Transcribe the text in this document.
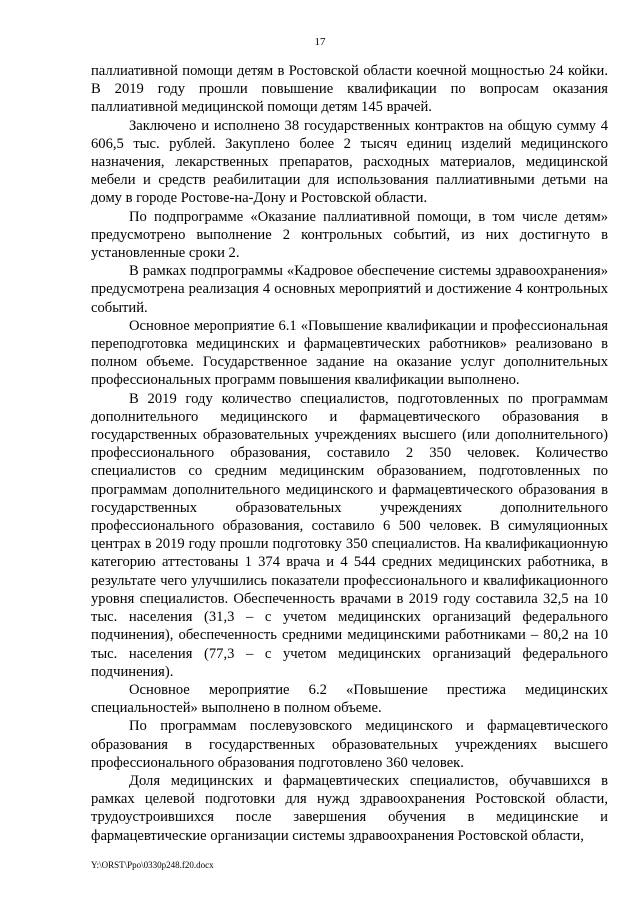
17

паллиативной помощи детям в Ростовской области коечной мощностью 24 койки. В 2019 году прошли повышение квалификации по вопросам оказания паллиативной медицинской помощи детям 145 врачей.

Заключено и исполнено 38 государственных контрактов на общую сумму 4 606,5 тыс. рублей. Закуплено более 2 тысяч единиц изделий медицинского назначения, лекарственных препаратов, расходных материалов, медицинской мебели и средств реабилитации для использования паллиативными детьми на дому в городе Ростове-на-Дону и Ростовской области.

По подпрограмме «Оказание паллиативной помощи, в том числе детям» предусмотрено выполнение 2 контрольных событий, из них достигнуто в установленные сроки 2.

В рамках подпрограммы «Кадровое обеспечение системы здравоохранения» предусмотрена реализация 4 основных мероприятий и достижение 4 контрольных событий.

Основное мероприятие 6.1 «Повышение квалификации и профессиональная переподготовка медицинских и фармацевтических работников» реализовано в полном объеме. Государственное задание на оказание услуг дополнительных профессиональных программ повышения квалификации выполнено.

В 2019 году количество специалистов, подготовленных по программам дополнительного медицинского и фармацевтического образования в государственных образовательных учреждениях высшего (или дополнительного) профессионального образования, составило 2 350 человек. Количество специалистов со средним медицинским образованием, подготовленных по программам дополнительного медицинского и фармацевтического образования в государственных образовательных учреждениях дополнительного профессионального образования, составило 6 500 человек. В симуляционных центрах в 2019 году прошли подготовку 350 специалистов. На квалификационную категорию аттестованы 1 374 врача и 4 544 средних медицинских работника, в результате чего улучшились показатели профессионального и квалификационного уровня специалистов. Обеспеченность врачами в 2019 году составила 32,5 на 10 тыс. населения (31,3 – с учетом медицинских организаций федерального подчинения), обеспеченность средними медицинскими работниками – 80,2 на 10 тыс. населения (77,3 – с учетом медицинских организаций федерального подчинения).

Основное мероприятие 6.2 «Повышение престижа медицинских специальностей» выполнено в полном объеме.

По программам послевузовского медицинского и фармацевтического образования в государственных образовательных учреждениях высшего профессионального образования подготовлено 360 человек.

Доля медицинских и фармацевтических специалистов, обучавшихся в рамках целевой подготовки для нужд здравоохранения Ростовской области, трудоустроившихся после завершения обучения в медицинские и фармацевтические организации системы здравоохранения Ростовской области,

Y:\ORST\Ppo\0330p248.f20.docx
